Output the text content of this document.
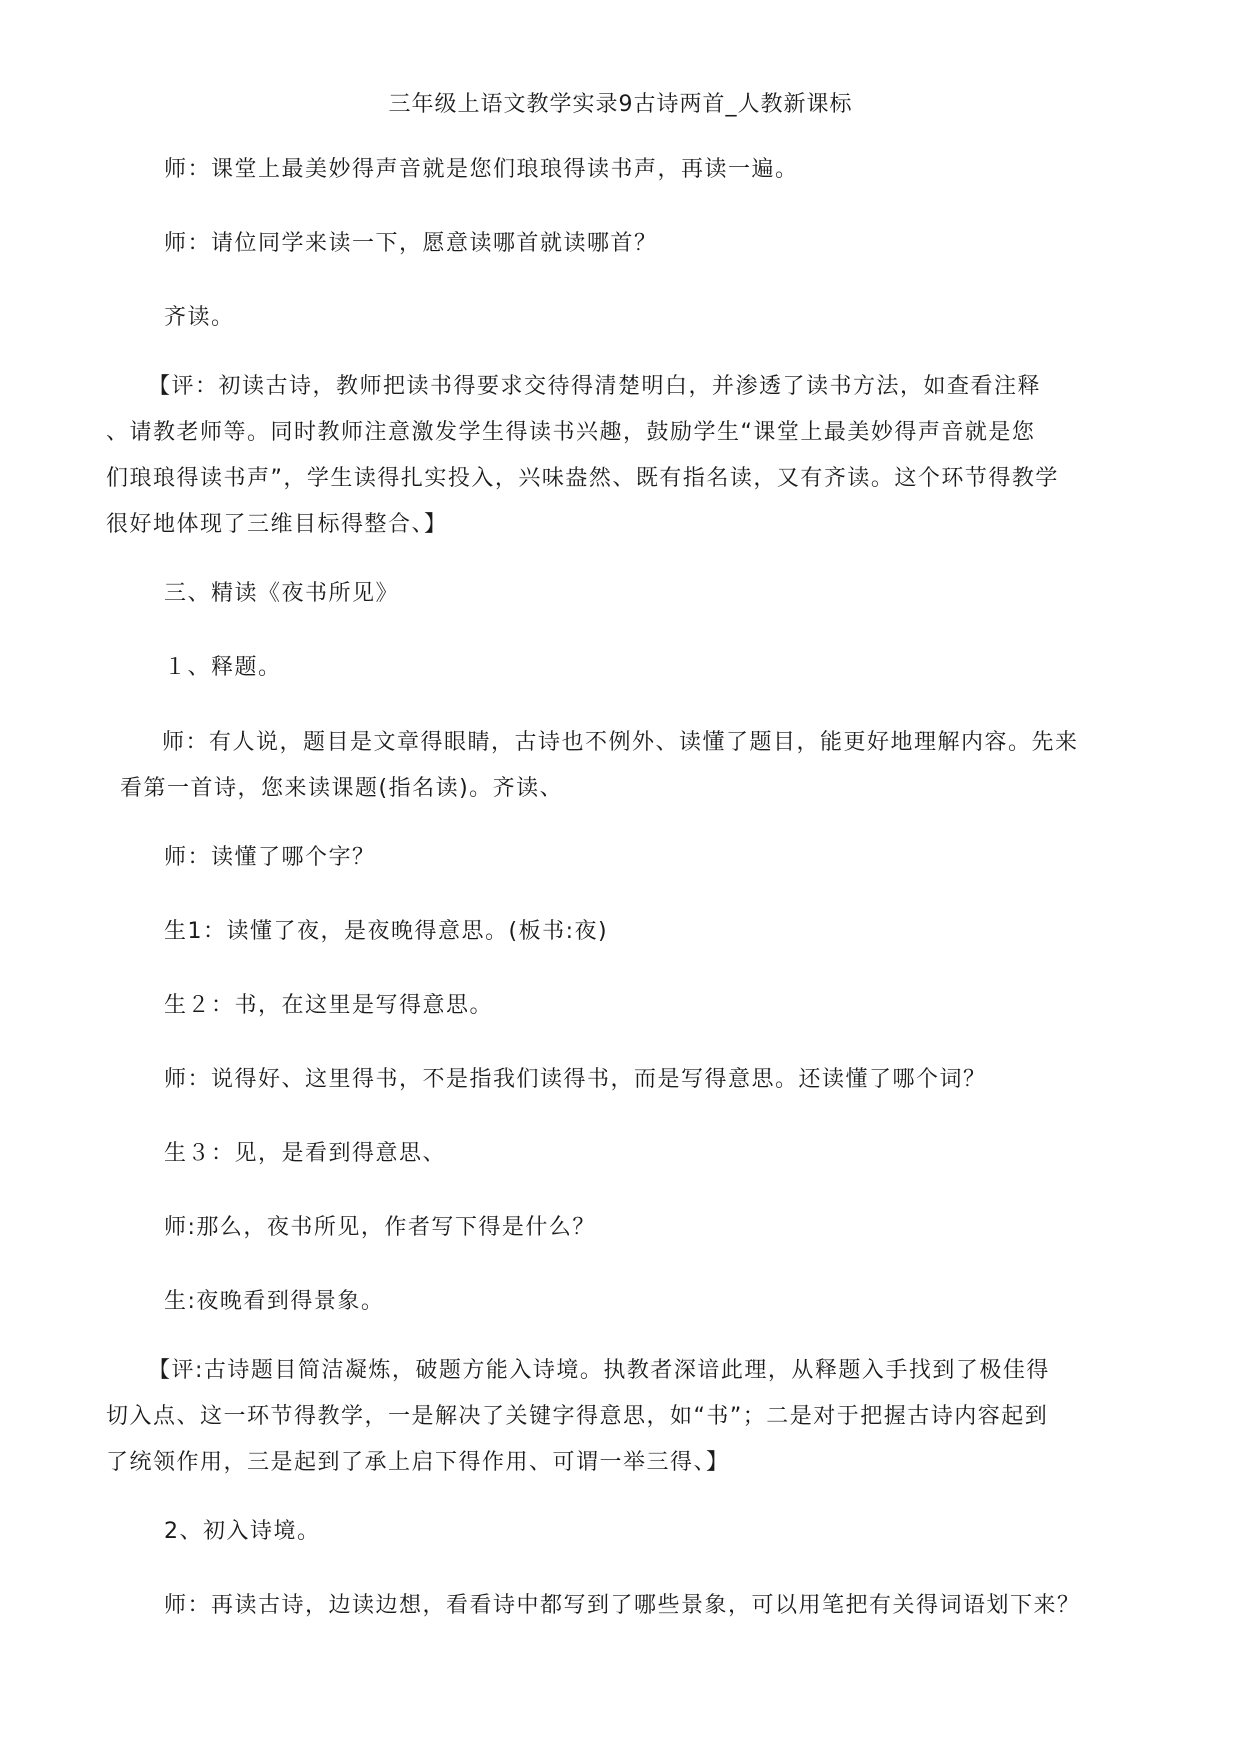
三年级上语文教学实录9古诗两首_人教新课标

师：课堂上最美妙得声音就是您们琅琅得读书声，再读一遍。

师：请位同学来读一下，愿意读哪首就读哪首？

齐读。

【评：初读古诗，教师把读书得要求交待得清楚明白，并渗透了读书方法，如查看注释
、请教老师等。同时教师注意激发学生得读书兴趣，鼓励学生“课堂上最美妙得声音就是您
们琅琅得读书声”，学生读得扎实投入，兴味盎然、既有指名读，又有齐读。这个环节得教学
很好地体现了三维目标得整合、】

三、精读《夜书所见》

１、释题。

师：有人说，题目是文章得眼睛，古诗也不例外、读懂了题目，能更好地理解内容。先来
看第一首诗，您来读课题(指名读)。齐读、

师：读懂了哪个字？

生1：读懂了夜，是夜晚得意思。(板书:夜)

生２：书，在这里是写得意思。

师：说得好、这里得书，不是指我们读得书，而是写得意思。还读懂了哪个词？

生３：见，是看到得意思、

师:那么，夜书所见，作者写下得是什么？

生:夜晚看到得景象。

【评:古诗题目简洁凝炼，破题方能入诗境。执教者深谙此理，从释题入手找到了极佳得
切入点、这一环节得教学，一是解决了关键字得意思，如“书”；二是对于把握古诗内容起到
了统领作用，三是起到了承上启下得作用、可谓一举三得、】

2、初入诗境。

师：再读古诗，边读边想，看看诗中都写到了哪些景象，可以用笔把有关得词语划下来？
